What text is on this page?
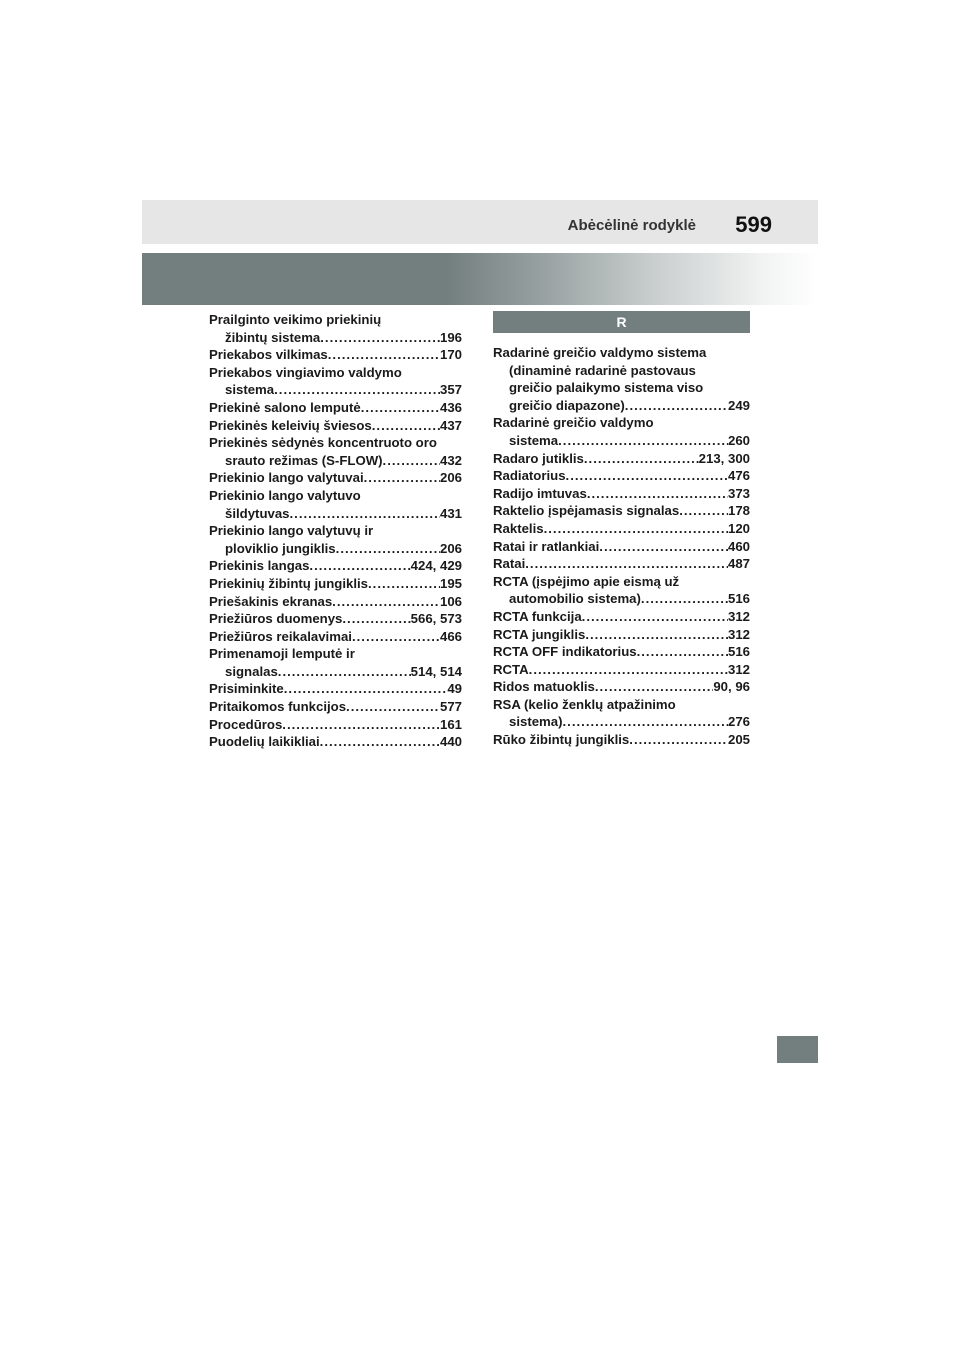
Abėcėlinė rodyklė 599
Prailginto veikimo priekinių
žibintų sistema .....	196
Priekabos vilkimas .....	170
Priekabos vingiavimo valdymo
sistema .....	357
Priekinė salono lemputė .....	436
Priekinės keleivių šviesos .....	437
Priekinės sėdynės koncentruoto oro
srauto režimas (S-FLOW) .....	432
Priekinio lango valytuvai .....	206
Priekinio lango valytuvo
šildytuvas .....	431
Priekinio lango valytuvų ir
ploviklio jungiklis .....	206
Priekinis langas .....	424, 429
Priekinių žibintų jungiklis .....	195
Priešakinis ekranas .....	106
Priežiūros duomenys .....	566, 573
Priežiūros reikalavimai .....	466
Primenamoji lemputė ir
signalas .....	514, 514
Prisiminkite .....	49
Pritaikomos funkcijos .....	577
Procedūros .....	161
Puodelių laikikliai .....	440
R
Radarinė greičio valdymo sistema
(dinaminė radarinė pastovaus
greičio palaikymo sistema viso
greičio diapazone) .....	249
Radarinė greičio valdymo
sistema .....	260
Radaro jutiklis .....	213, 300
Radiatorius .....	476
Radijo imtuvas .....	373
Raktelio įspėjamasis signalas .....	178
Raktelis .....	120
Ratai ir ratlankiai .....	460
Ratai .....	487
RCTA (įspėjimo apie eismą už
automobilio sistema) .....	516
RCTA funkcija .....	312
RCTA jungiklis .....	312
RCTA OFF indikatorius .....	516
RCTA .....	312
Ridos matuoklis .....	90, 96
RSA (kelio ženklų atpažinimo
sistema) .....	276
Rūko žibintų jungiklis .....	205
